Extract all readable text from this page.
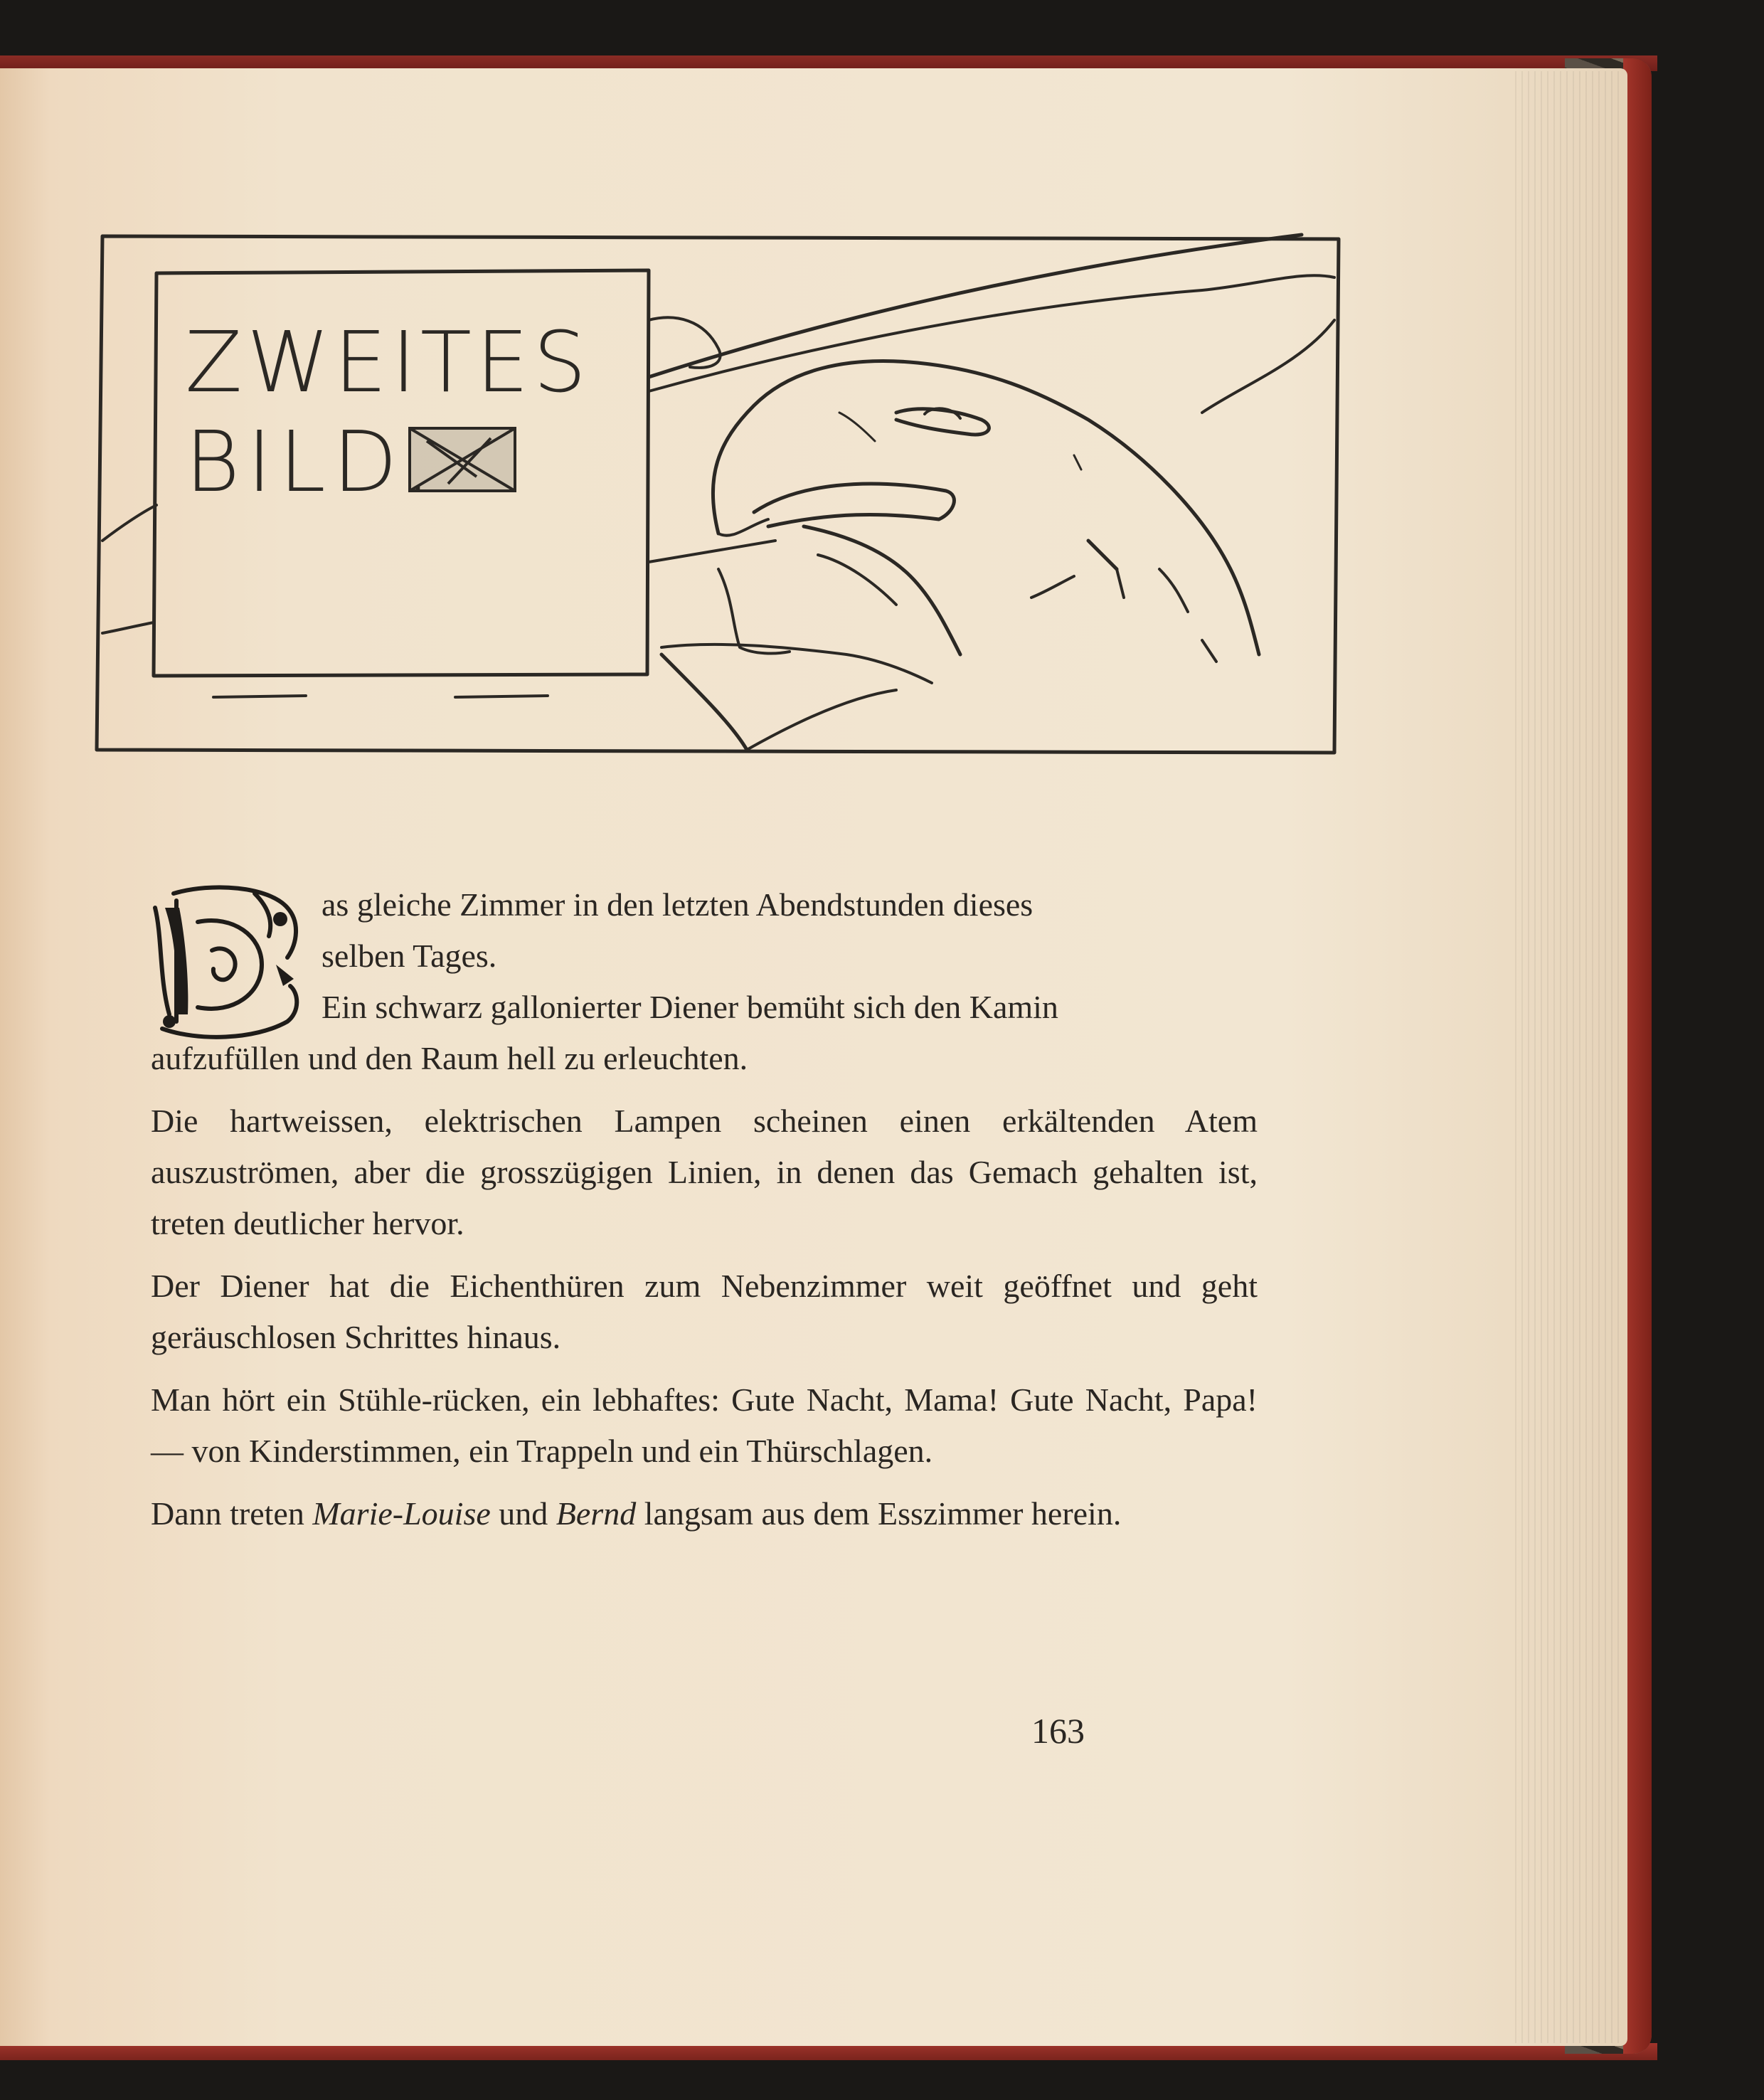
ZWEITES
BILD.

as gleiche Zimmer in den letzten Abendstunden dieses
selben Tages.

Ein schwarz gallonierter Diener bemüht sich den Kamin

aufzufüllen und den Raum hell zu erleuchten.

Die hartweissen, elektrischen Lampen scheinen einen erkältenden Atem auszuströmen, aber die grosszügigen Linien, in denen das Gemach gehalten ist, treten deutlicher hervor.

Der Diener hat die Eichenthüren zum Nebenzimmer weit geöffnet und geht geräuschlosen Schrittes hinaus.

Man hört ein Stühle-rücken, ein lebhaftes: Gute Nacht, Mama! Gute Nacht, Papa! — von Kinderstimmen, ein Trappeln und ein Thürschlagen.

Dann treten Marie-Louise und Bernd langsam aus dem Esszimmer herein.

163
